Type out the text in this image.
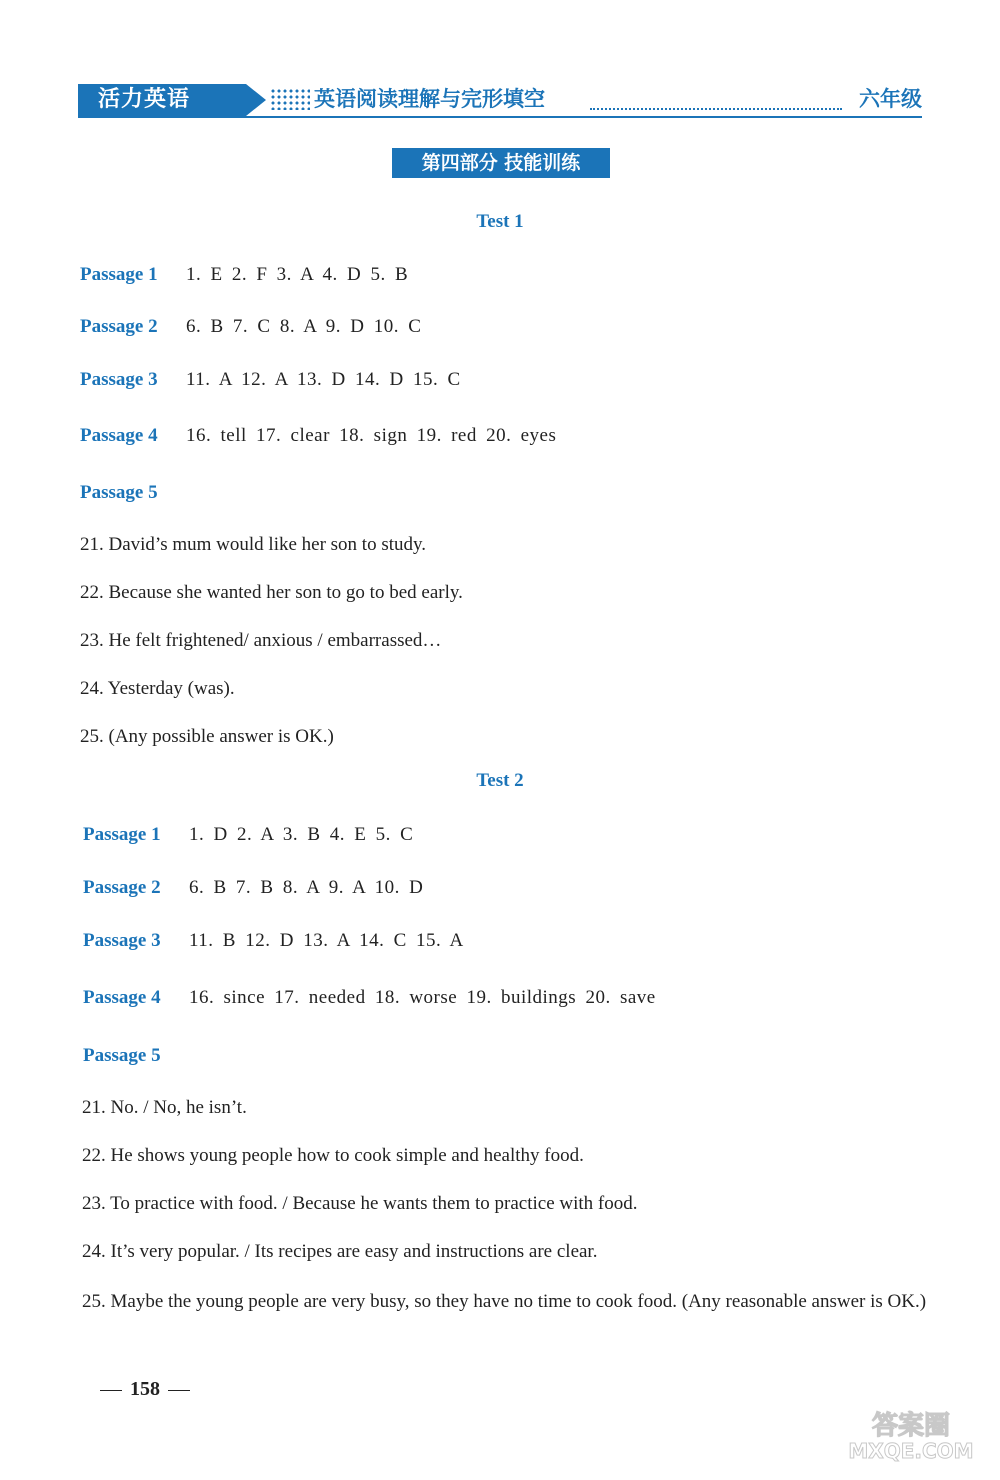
活力英语	英语阅读理解与完形填空	六年级
第四部分 技能训练
Test 1
Passage 1 1. E 2. F 3. A 4. D 5. B
Passage 2 6. B 7. C 8. A 9. D 10. C
Passage 3 11. A 12. A 13. D 14. D 15. C
Passage 4 16. tell 17. clear 18. sign 19. red 20. eyes
Passage 5
21. David’s mum would like her son to study.
22. Because she wanted her son to go to bed early.
23. He felt frightened/ anxious / embarrassed…
24. Yesterday (was).
25. (Any possible answer is OK.)
Test 2
Passage 1 1. D 2. A 3. B 4. E 5. C
Passage 2 6. B 7. B 8. A 9. A 10. D
Passage 3 11. B 12. D 13. A 14. C 15. A
Passage 4 16. since 17. needed 18. worse 19. buildings 20. save
Passage 5
21. No. / No, he isn’t.
22. He shows young people how to cook simple and healthy food.
23. To practice with food. / Because he wants them to practice with food.
24. It’s very popular. / Its recipes are easy and instructions are clear.
25. Maybe the young people are very busy, so they have no time to cook food. (Any reasonable answer is OK.)
158
答案圈
MXQE.COM
